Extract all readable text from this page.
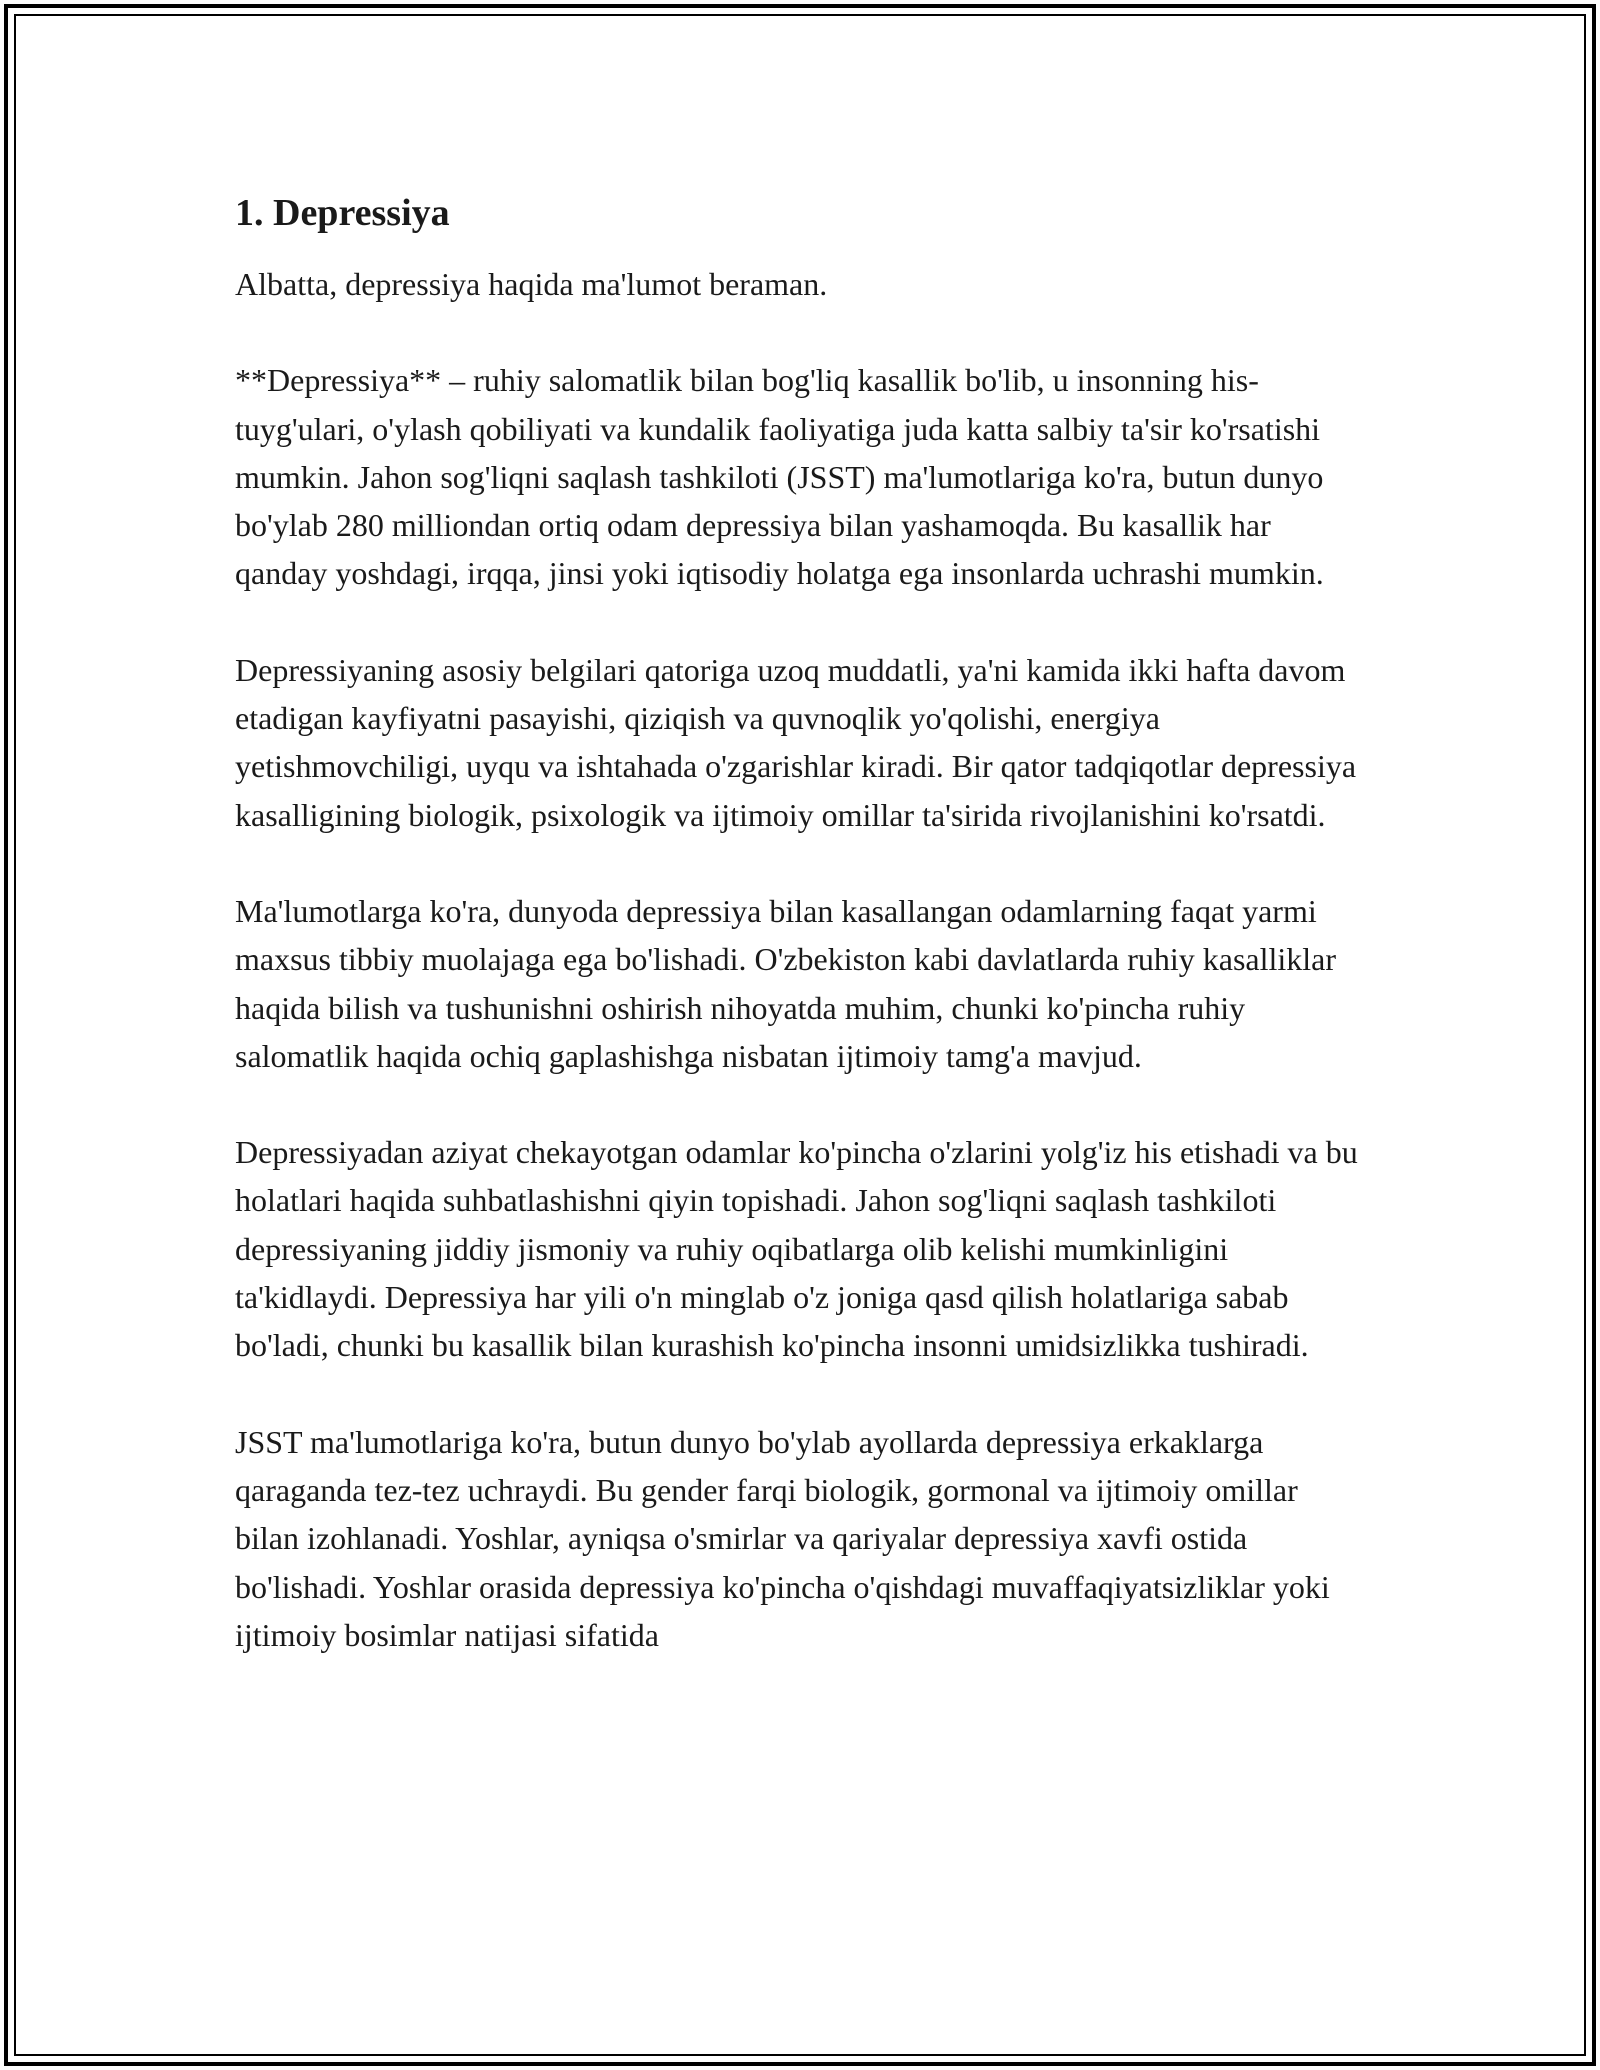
1. Depressiya

Albatta, depressiya haqida ma'lumot beraman.

**Depressiya** – ruhiy salomatlik bilan bog'liq kasallik bo'lib, u insonning his-tuyg'ulari, o'ylash qobiliyati va kundalik faoliyatiga juda katta salbiy ta'sir ko'rsatishi mumkin. Jahon sog'liqni saqlash tashkiloti (JSST) ma'lumotlariga ko'ra, butun dunyo bo'ylab 280 milliondan ortiq odam depressiya bilan yashamoqda. Bu kasallik har qanday yoshdagi, irqqa, jinsi yoki iqtisodiy holatga ega insonlarda uchrashi mumkin.

Depressiyaning asosiy belgilari qatoriga uzoq muddatli, ya'ni kamida ikki hafta davom etadigan kayfiyatni pasayishi, qiziqish va quvnoqlik yo'qolishi, energiya yetishmovchiligi, uyqu va ishtahada o'zgarishlar kiradi. Bir qator tadqiqotlar depressiya kasalligining biologik, psixologik va ijtimoiy omillar ta'sirida rivojlanishini ko'rsatdi.

Ma'lumotlarga ko'ra, dunyoda depressiya bilan kasallangan odamlarning faqat yarmi maxsus tibbiy muolajaga ega bo'lishadi. O'zbekiston kabi davlatlarda ruhiy kasalliklar haqida bilish va tushunishni oshirish nihoyatda muhim, chunki ko'pincha ruhiy salomatlik haqida ochiq gaplashishga nisbatan ijtimoiy tamg'a mavjud.

Depressiyadan aziyat chekayotgan odamlar ko'pincha o'zlarini yolg'iz his etishadi va bu holatlari haqida suhbatlashishni qiyin topishadi. Jahon sog'liqni saqlash tashkiloti depressiyaning jiddiy jismoniy va ruhiy oqibatlarga olib kelishi mumkinligini ta'kidlaydi. Depressiya har yili o'n minglab o'z joniga qasd qilish holatlariga sabab bo'ladi, chunki bu kasallik bilan kurashish ko'pincha insonni umidsizlikka tushiradi.

JSST ma'lumotlariga ko'ra, butun dunyo bo'ylab ayollarda depressiya erkaklarga qaraganda tez-tez uchraydi. Bu gender farqi biologik, gormonal va ijtimoiy omillar bilan izohlanadi. Yoshlar, ayniqsa o'smirlar va qariyalar depressiya xavfi ostida bo'lishadi. Yoshlar orasida depressiya ko'pincha o'qishdagi muvaffaqiyatsizliklar yoki ijtimoiy bosimlar natijasi sifatida
